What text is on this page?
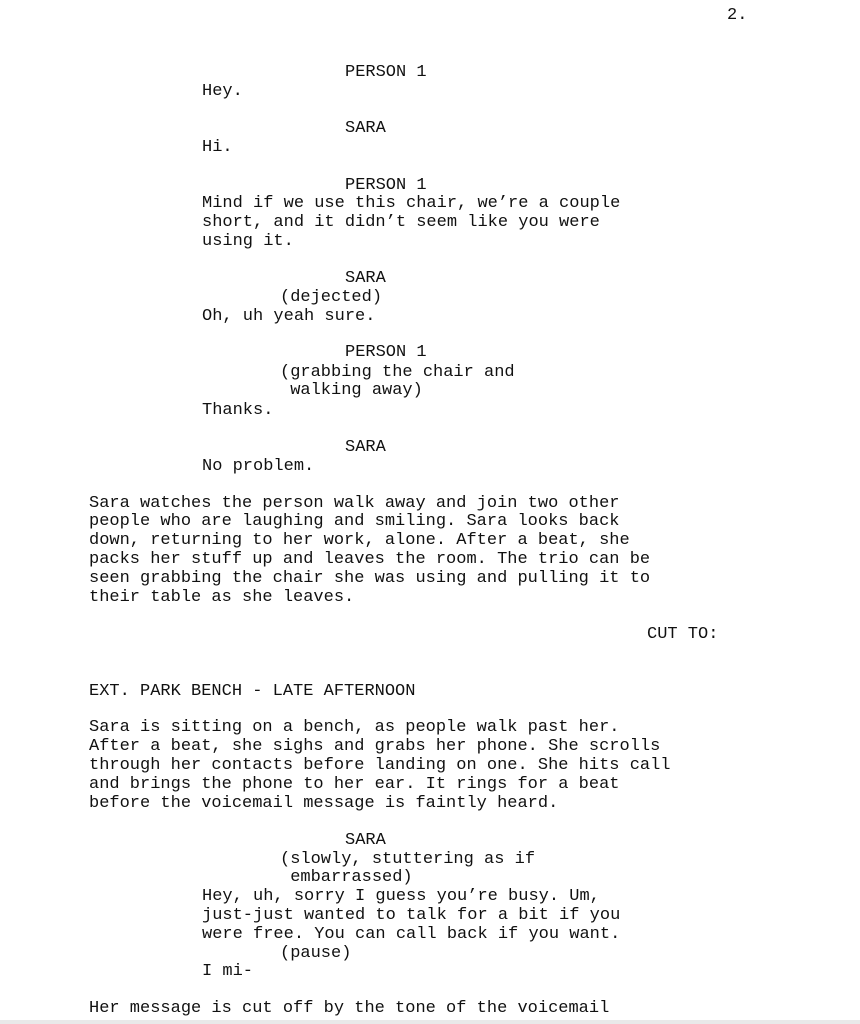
2.
PERSON 1
Hey.
SARA
Hi.
PERSON 1
Mind if we use this chair, we’re a couple
short, and it didn’t seem like you were
using it.
SARA
(dejected)
Oh, uh yeah sure.
PERSON 1
(grabbing the chair and
walking away)
Thanks.
SARA
No problem.
Sara watches the person walk away and join two other
people who are laughing and smiling. Sara looks back
down, returning to her work, alone. After a beat, she
packs her stuff up and leaves the room. The trio can be
seen grabbing the chair she was using and pulling it to
their table as she leaves.
CUT TO:
EXT. PARK BENCH - LATE AFTERNOON
Sara is sitting on a bench, as people walk past her.
After a beat, she sighs and grabs her phone. She scrolls
through her contacts before landing on one. She hits call
and brings the phone to her ear. It rings for a beat
before the voicemail message is faintly heard.
SARA
(slowly, stuttering as if
embarrassed)
Hey, uh, sorry I guess you’re busy. Um,
just-just wanted to talk for a bit if you
were free. You can call back if you want.
(pause)
I mi-
Her message is cut off by the tone of the voicemail
